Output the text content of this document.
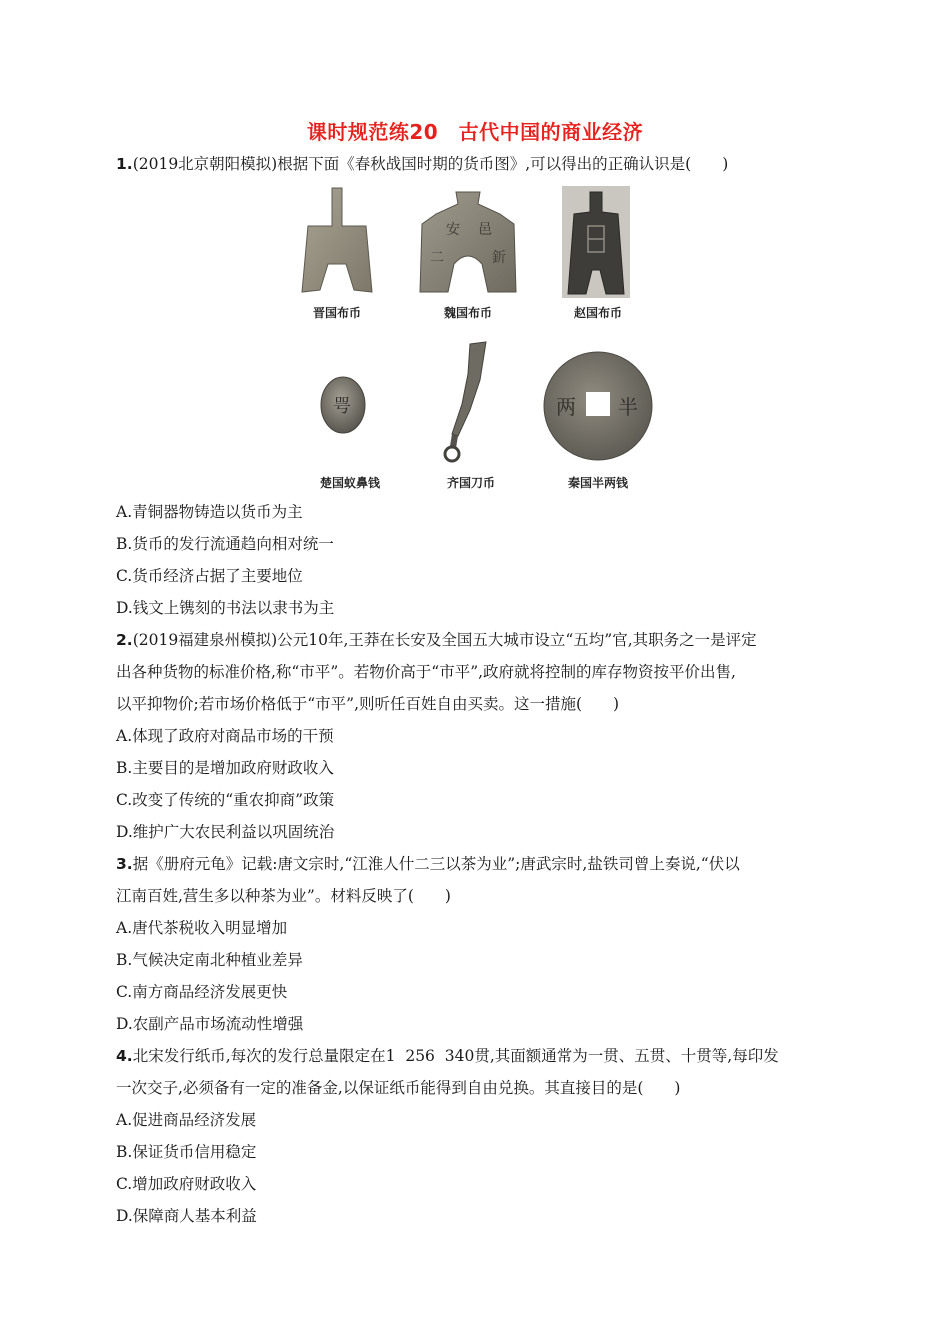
课时规范练20　古代中国的商业经济
1.(2019北京朝阳模拟)根据下面《春秋战国时期的货币图》,可以得出的正确认识是(　　)
安 邑
二	釿
咢	两 半
晋国布币	魏国布币	赵国布币
楚国蚁鼻钱	齐国刀币	秦国半两钱
A.青铜器物铸造以货币为主
B.货币的发行流通趋向相对统一
C.货币经济占据了主要地位
D.钱文上镌刻的书法以隶书为主
2.(2019福建泉州模拟)公元10年,王莽在长安及全国五大城市设立“五均”官,其职务之一是评定
出各种货物的标准价格,称“市平”。若物价高于“市平”,政府就将控制的库存物资按平价出售,
以平抑物价;若市场价格低于“市平”,则听任百姓自由买卖。这一措施(　　)
A.体现了政府对商品市场的干预
B.主要目的是增加政府财政收入
C.改变了传统的“重农抑商”政策
D.维护广大农民利益以巩固统治
3.据《册府元龟》记载:唐文宗时,“江淮人什二三以茶为业”;唐武宗时,盐铁司曾上奏说,“伏以
江南百姓,营生多以种茶为业”。材料反映了(　　)
A.唐代茶税收入明显增加
B.气候决定南北种植业差异
C.南方商品经济发展更快
D.农副产品市场流动性增强
4.北宋发行纸币,每次的发行总量限定在1  256  340贯,其面额通常为一贯、五贯、十贯等,每印发
一次交子,必须备有一定的准备金,以保证纸币能得到自由兑换。其直接目的是(　　)
A.促进商品经济发展
B.保证货币信用稳定
C.增加政府财政收入
D.保障商人基本利益
